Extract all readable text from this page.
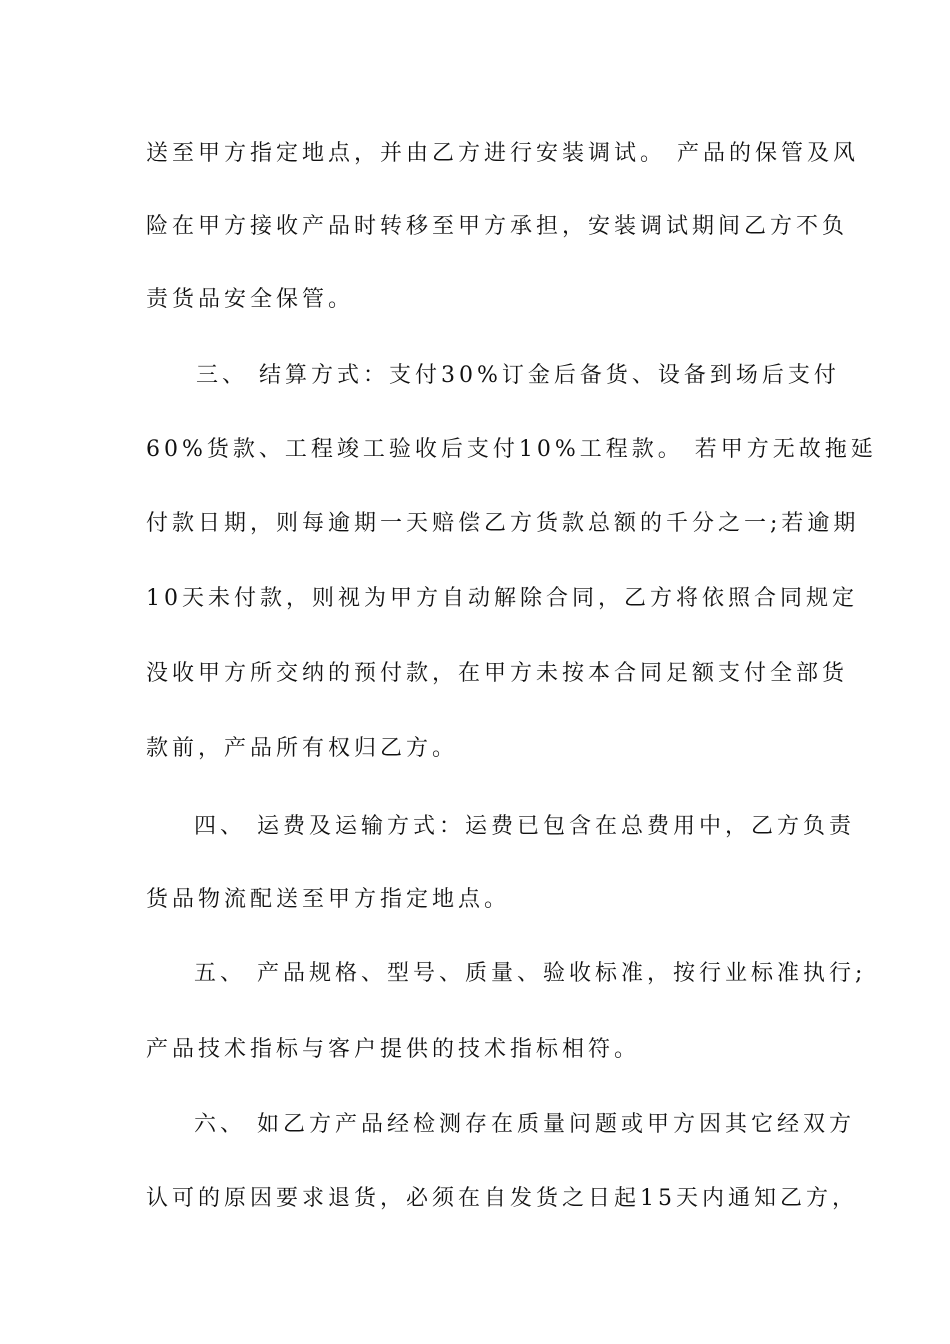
送至甲方指定地点，并由乙方进行安装调试。 产品的保管及风
险在甲方接收产品时转移至甲方承担，安装调试期间乙方不负
责货品安全保管。
三、 结算方式：支付30%订金后备货、设备到场后支付
60%货款、工程竣工验收后支付10%工程款。 若甲方无故拖延
付款日期，则每逾期一天赔偿乙方货款总额的千分之一;若逾期
10天未付款，则视为甲方自动解除合同，乙方将依照合同规定
没收甲方所交纳的预付款，在甲方未按本合同足额支付全部货
款前，产品所有权归乙方。
四、 运费及运输方式：运费已包含在总费用中，乙方负责
货品物流配送至甲方指定地点。
五、 产品规格、型号、质量、验收标准，按行业标准执行;
产品技术指标与客户提供的技术指标相符。
六、 如乙方产品经检测存在质量问题或甲方因其它经双方
认可的原因要求退货，必须在自发货之日起15天内通知乙方，
